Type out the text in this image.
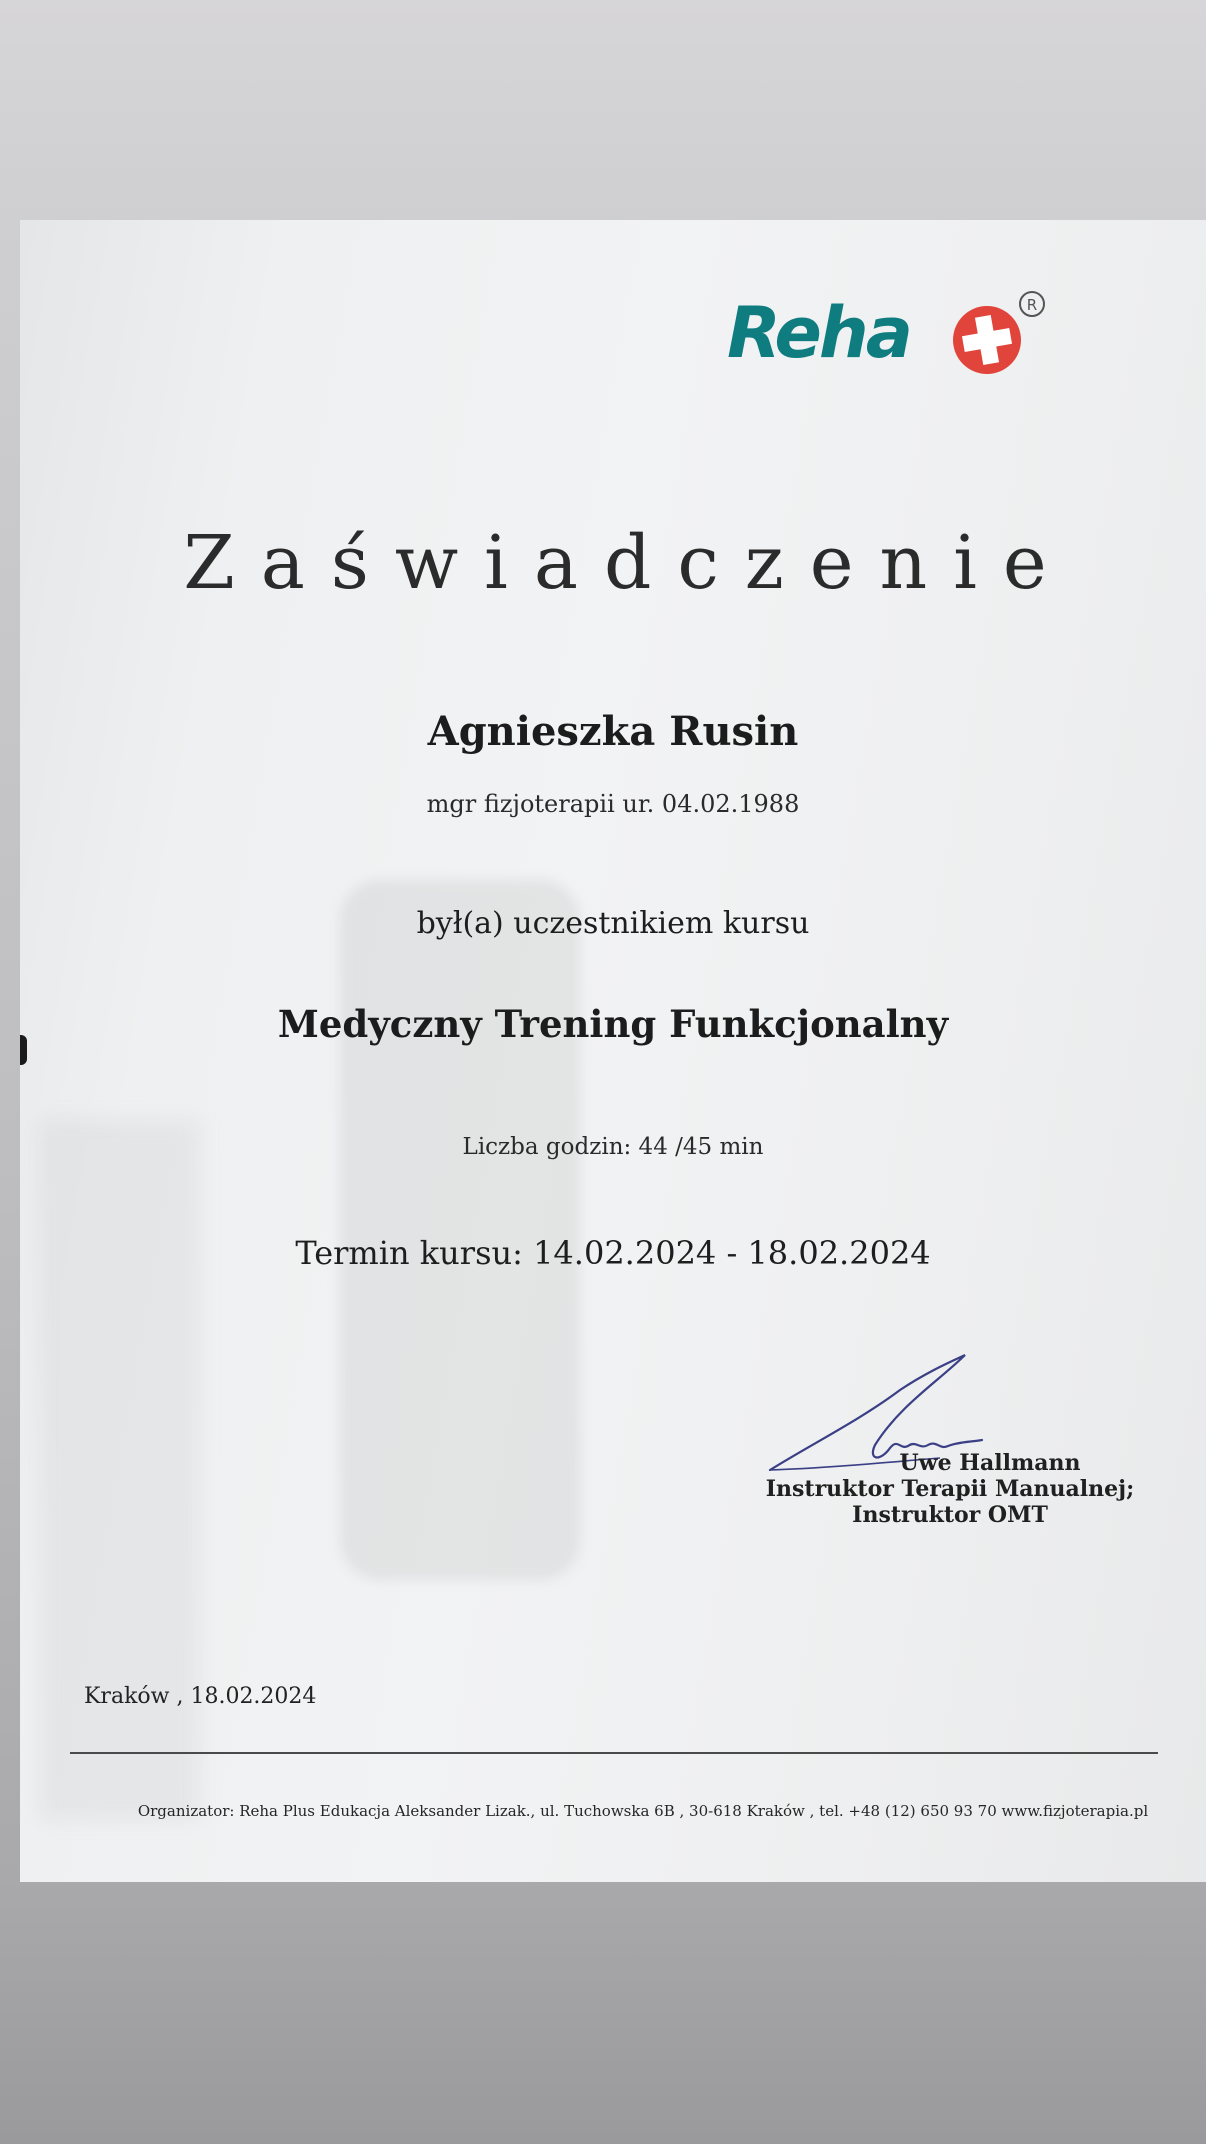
Reha	R
Zaświadczenie
Agnieszka Rusin
mgr fizjoterapii ur. 04.02.1988
był(a) uczestnikiem kursu
Medyczny Trening Funkcjonalny
Liczba godzin: 44 /45 min
Termin kursu: 14.02.2024 - 18.02.2024
Uwe Hallmann
Instruktor Terapii Manualnej;
Instruktor OMT
Kraków , 18.02.2024
Organizator: Reha Plus Edukacja Aleksander Lizak., ul. Tuchowska 6B , 30-618 Kraków , tel. +48 (12) 650 93 70 www.fizjoterapia.pl
